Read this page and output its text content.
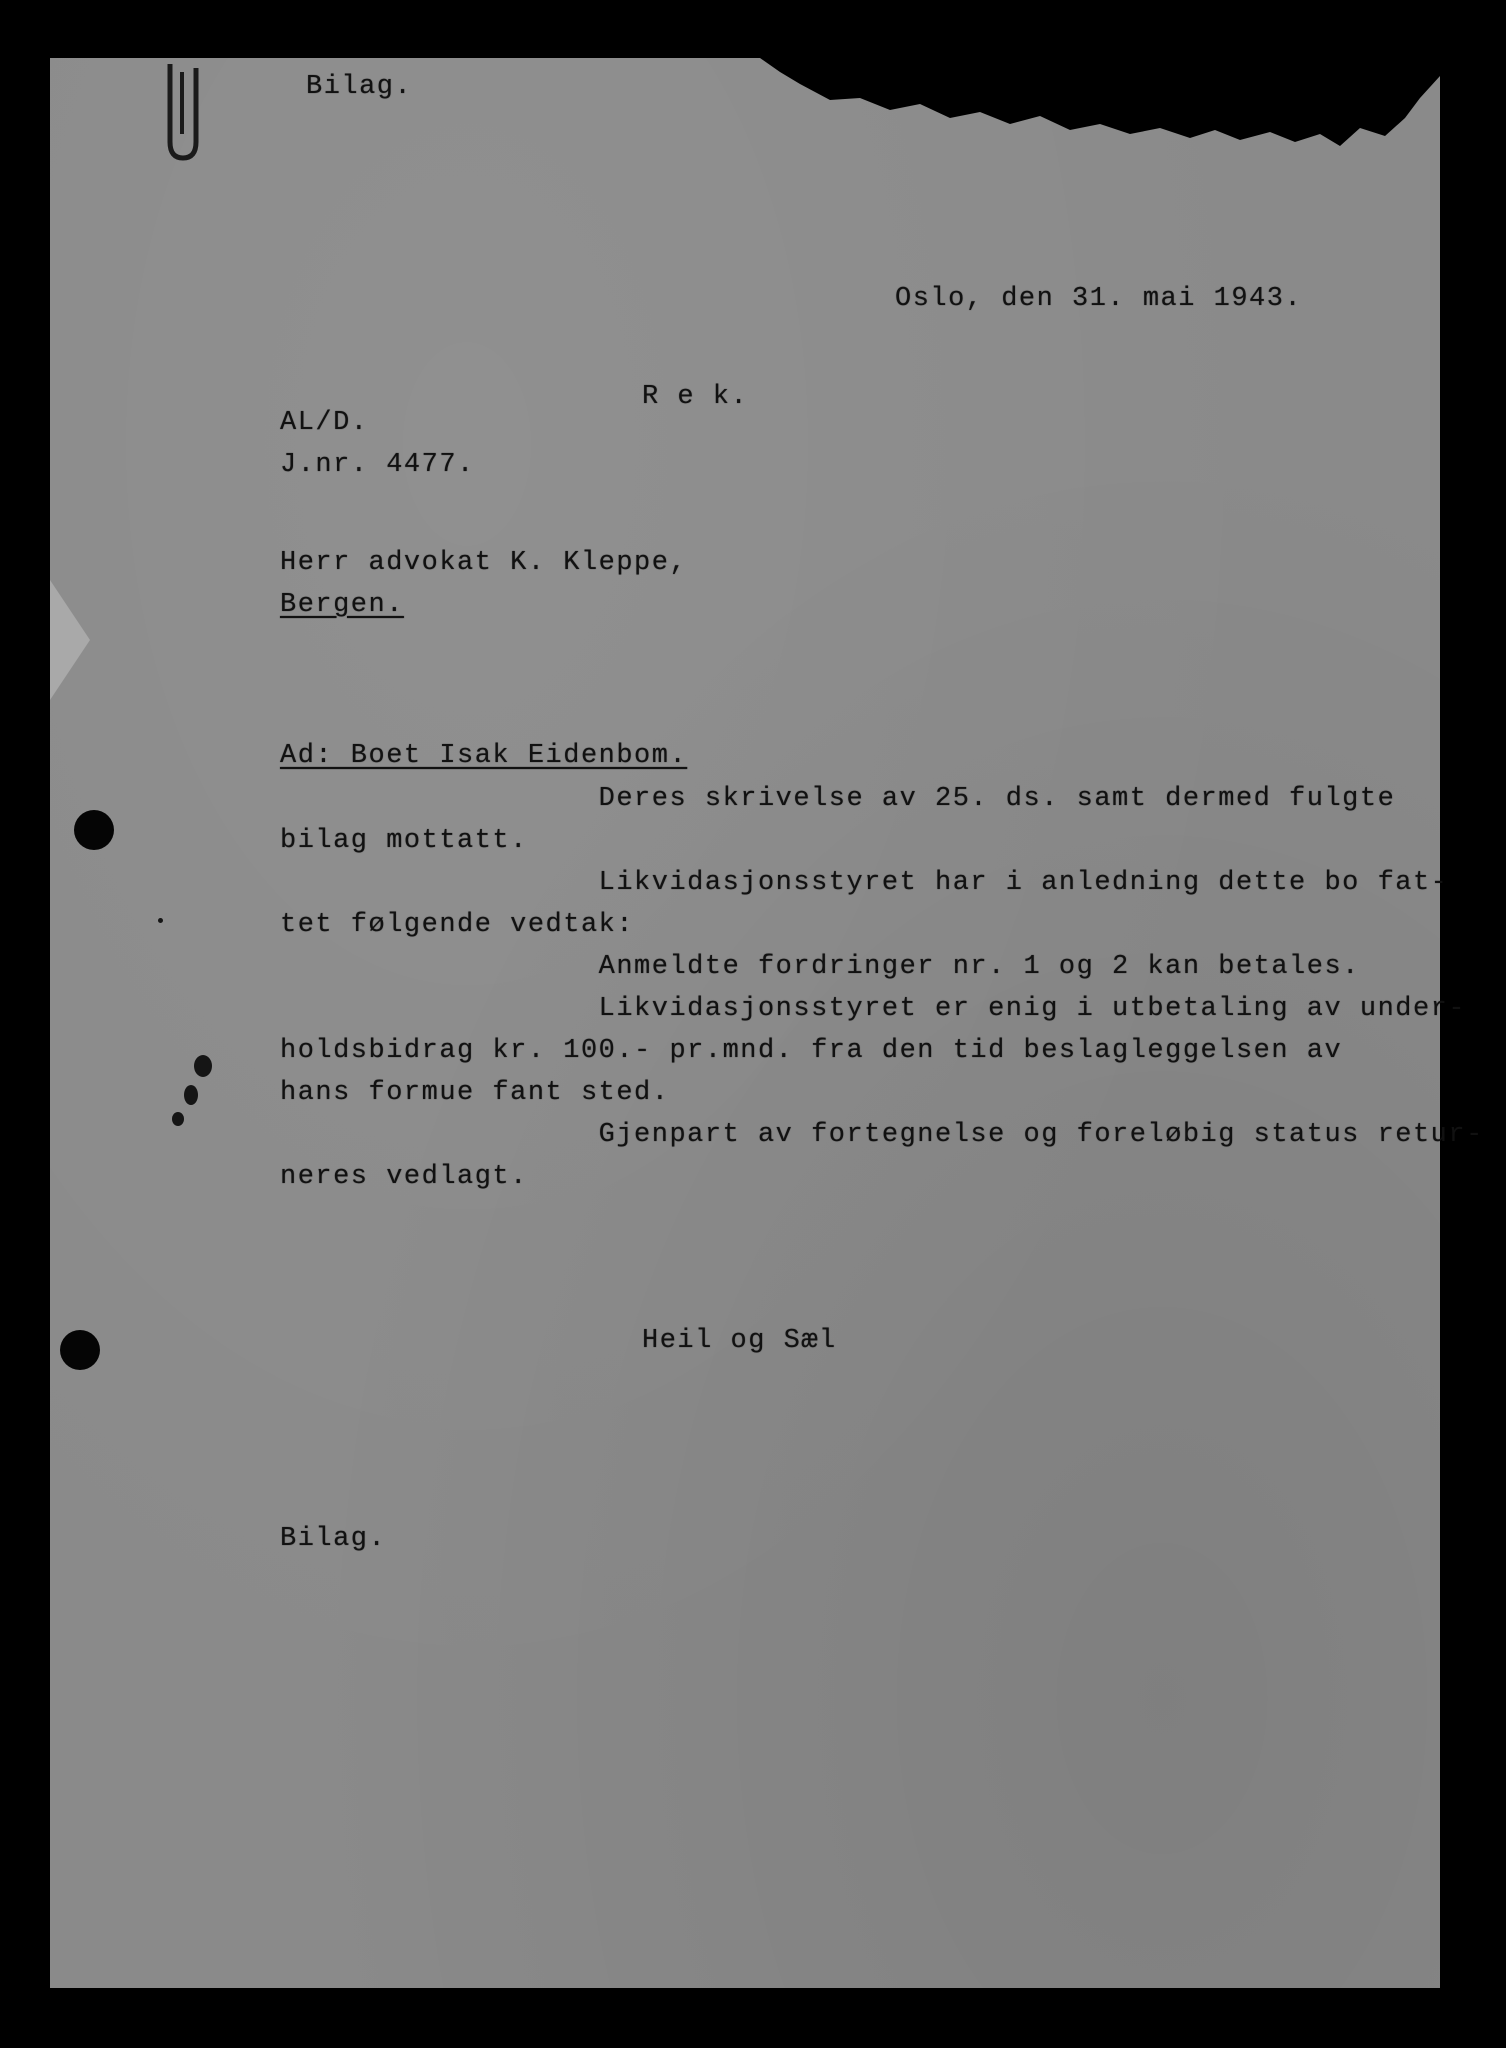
Bilag.
Oslo, den 31. mai 1943.
R e k.
AL/D.
J.nr. 4477.
Herr advokat K. Kleppe,
Bergen.
Ad: Boet Isak Eidenbom.
Deres skrivelse av 25. ds. samt dermed fulgte
bilag mottatt.
Likvidasjonsstyret har i anledning dette bo fat-
tet følgende vedtak:
Anmeldte fordringer nr. 1 og 2 kan betales.
Likvidasjonsstyret er enig i utbetaling av under-
holdsbidrag kr. 100.- pr.mnd. fra den tid beslagleggelsen av
hans formue fant sted.
Gjenpart av fortegnelse og foreløbig status retur-
neres vedlagt.
Heil og Sæl
Bilag.
